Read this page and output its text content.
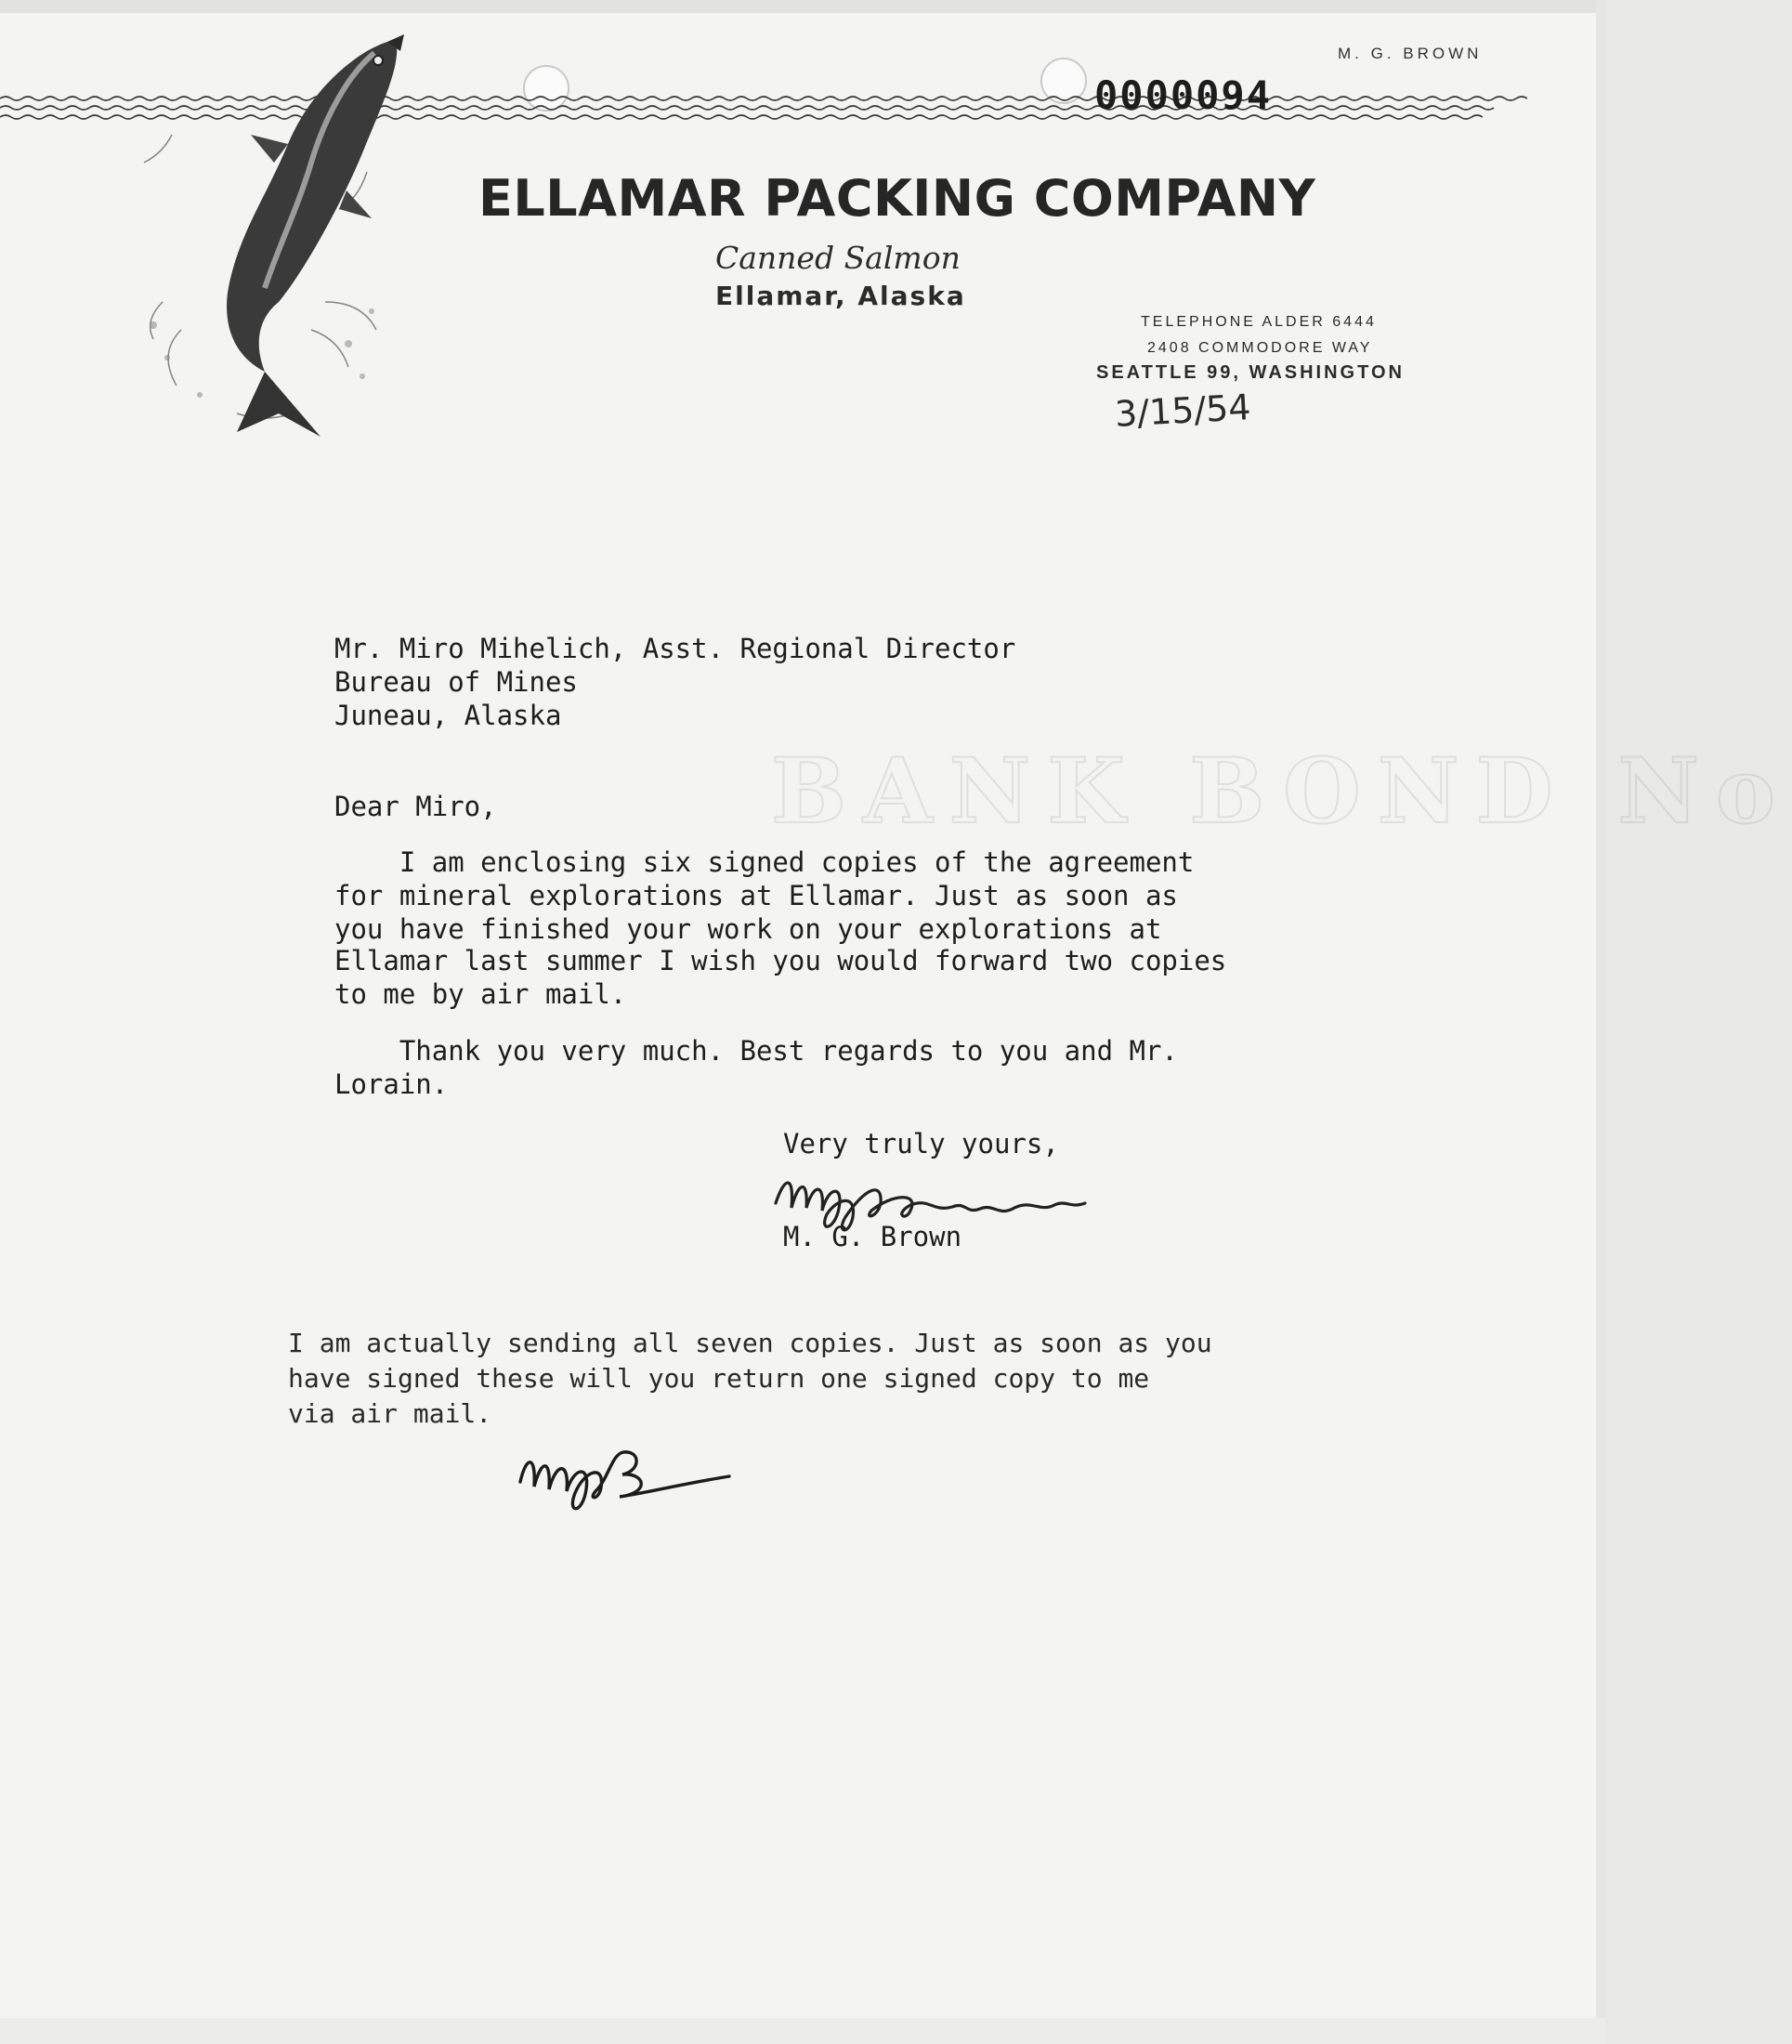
0000094
M. G. BROWN
ELLAMAR PACKING COMPANY
Canned Salmon
Ellamar, Alaska
TELEPHONE ALDER 6444
2408 COMMODORE WAY
SEATTLE 99, WASHINGTON
3/15/54
BANK BOND No
Mr. Miro Mihelich, Asst. Regional Director
Bureau of Mines
Juneau, Alaska
Dear Miro,
I am enclosing six signed copies of the agreement
for mineral explorations at Ellamar. Just as soon as
you have finished your work on your explorations at
Ellamar last summer I wish you would forward two copies
to me by air mail.
Thank you very much. Best regards to you and Mr.
Lorain.
Very truly yours,
M. G. Brown
I am actually sending all seven copies. Just as soon as you
have signed these will you return one signed copy to me
via air mail.
